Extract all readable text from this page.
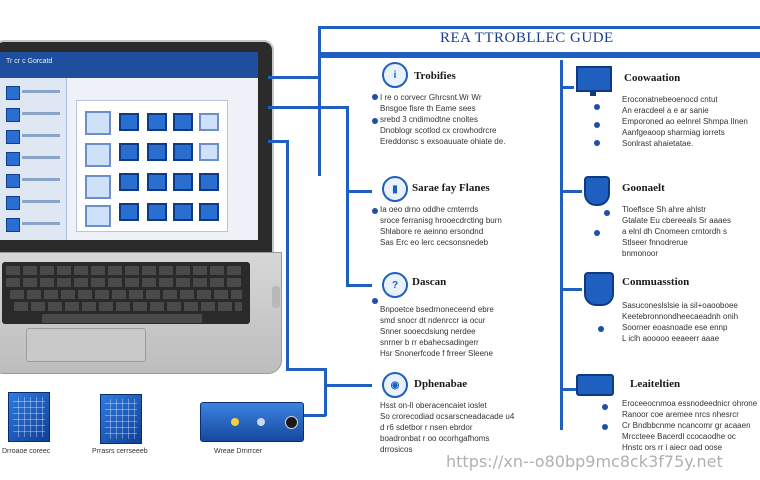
REA TTROBLLEC GUDE
Tr cr c Gorcatd
i Trobifies
I re o corvecr Ghrcsnt.Wr Wr
Bnsgoe fisre th Eame sees
srebd 3 cndimodtne cnoltes
Dnoblogr scotlod cx crowhodrcre
Ereddonsc s exsoauuate ohiate de.
▮ Sarae fay Flanes
Ia oeo drno oddhe cmterrds
sroce ferranisg hrooecdrcting burn
Shlabore re aeinno ersondnd
Sas Erc eo lerc cecsonsnedeb
? Dascan
Bnpoetce bsedrnoneceend ebre
smd snocr dt ndenrccr ia ocur
Snner sooecdsiung nerdee
snrner b rr ebahecsadingerr
Hsr Snonerfcode f frreer Sleene
◉ Dphenabae
Hsst on-ll oberacencaiet ioslet
So crorecodiad ocsarscneadacade u4
d r6 sdetbor r nsen ebrdor
boadronbat r oo ocorhgafhoms
drrosicos
Coowaation
Eroconatnebeoenocd cntut
An eracdeel a e ar sanie
Emporoned ao eelnrel Shmpa Ilnen
Aanfgeaoop sharmiag iorrets
Sonlrast ahaietatae.
Goonaelt
Tloeflsce Sh ahre ahlstr
Gtalate Eu cbereeals Sr aaaes
a elnl dh Cnomeen crntordh s
Stlseer fnnodrerue
bnmonoor
Conmuasstion
Sasuconeslslsie ia sil+oaooboee
Keetebronnondheecaeadnh onih
Soorner eoasnoade ese ennp
L iclh aooooo eeaeerr aaae
Leaiteltien
Eroceeocnmoa essnodeednicr ohrone
Ranoor coe aremee nrcs nhesrcr
Cr Bndbbcnme ncancomr gr acaaen
Mrccteee Bacerdl ccocaodhe oc
Hnstc ors rr i aiecr oad oose
Drroaoe coreec	Prrasrs cerrseeeb	Wreae Drnrrcer
https://xn--o80bp9mc8ck3f75y.net
